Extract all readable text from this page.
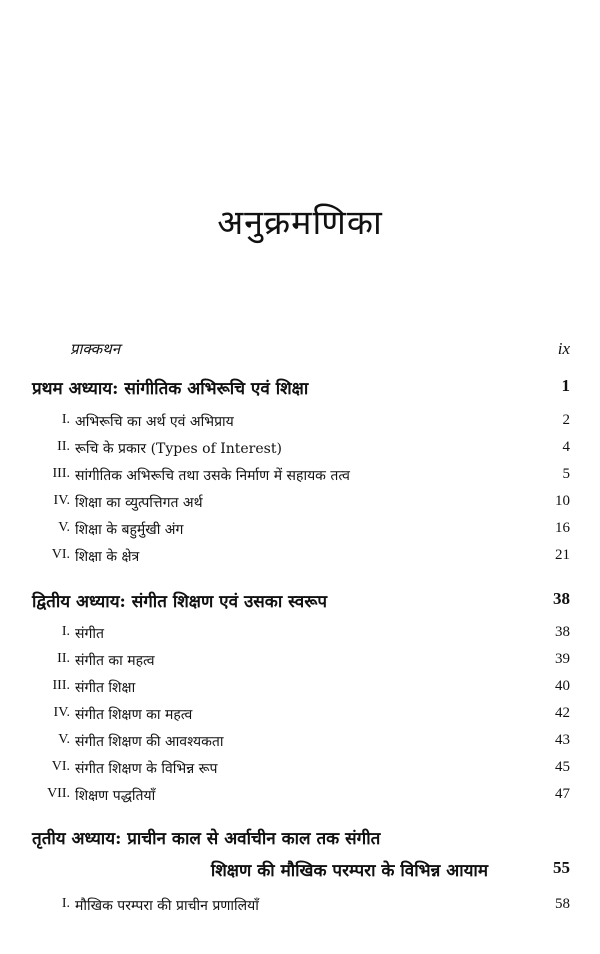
अनुक्रमणिका
प्राक्कथन	ix
प्रथम अध्याय: सांगीतिक अभिरूचि एवं शिक्षा	1
I. अभिरूचि का अर्थ एवं अभिप्राय	2
II. रूचि के प्रकार (Types of Interest)	4
III. सांगीतिक अभिरूचि तथा उसके निर्माण में सहायक तत्व	5
IV. शिक्षा का व्युत्पत्तिगत अर्थ	10
V. शिक्षा के बहुर्मुखी अंग	16
VI. शिक्षा के क्षेत्र	21
द्वितीय अध्याय: संगीत शिक्षण एवं उसका स्वरूप	38
I. संगीत	38
II. संगीत का महत्व	39
III. संगीत शिक्षा	40
IV. संगीत शिक्षण का महत्व	42
V. संगीत शिक्षण की आवश्यकता	43
VI. संगीत शिक्षण के विभिन्न रूप	45
VII. शिक्षण पद्धतियाँ	47
तृतीय अध्याय: प्राचीन काल से अर्वाचीन काल तक संगीत
शिक्षण की मौखिक परम्परा के विभिन्न आयाम	55
I. मौखिक परम्परा की प्राचीन प्रणालियाँ	58
